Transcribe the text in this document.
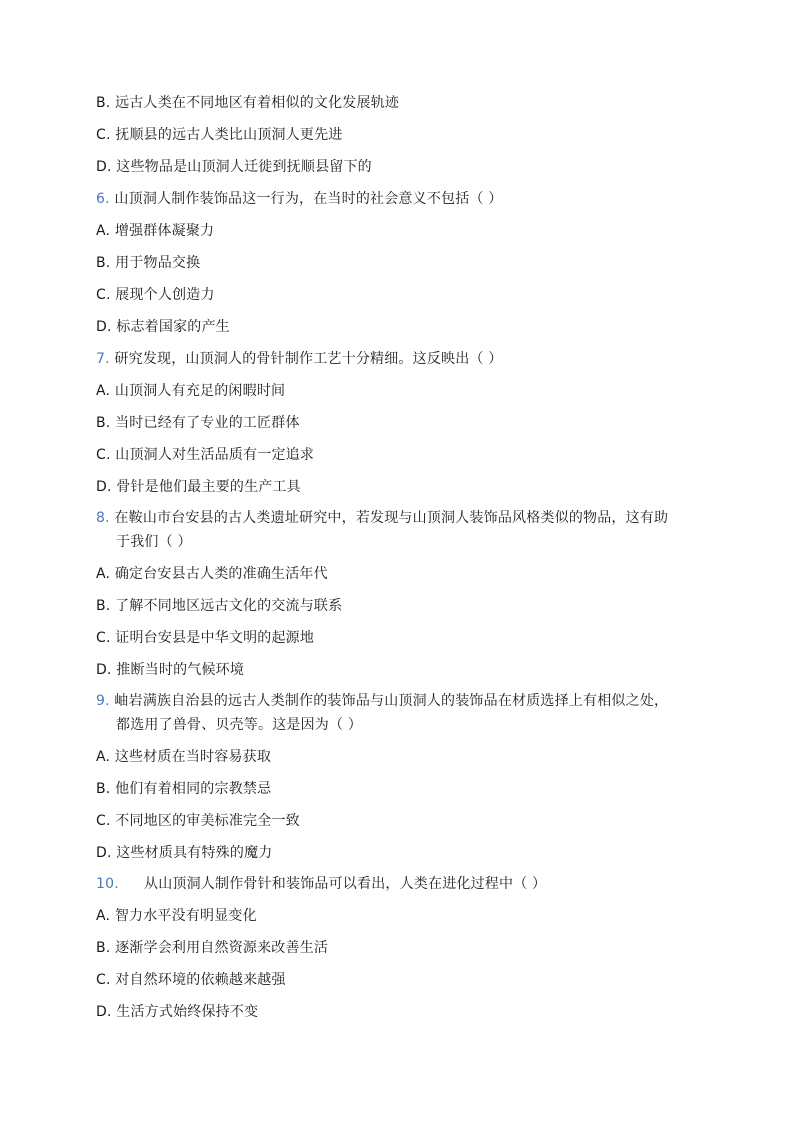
B. 远古人类在不同地区有着相似的文化发展轨迹
C. 抚顺县的远古人类比山顶洞人更先进
D. 这些物品是山顶洞人迁徙到抚顺县留下的
6. 山顶洞人制作装饰品这一行为，在当时的社会意义不包括（ ）
A. 增强群体凝聚力
B. 用于物品交换
C. 展现个人创造力
D. 标志着国家的产生
7. 研究发现，山顶洞人的骨针制作工艺十分精细。这反映出（ ）
A. 山顶洞人有充足的闲暇时间
B. 当时已经有了专业的工匠群体
C. 山顶洞人对生活品质有一定追求
D. 骨针是他们最主要的生产工具
8. 在鞍山市台安县的古人类遗址研究中，若发现与山顶洞人装饰品风格类似的物品，这有助
于我们（ ）
A. 确定台安县古人类的准确生活年代
B. 了解不同地区远古文化的交流与联系
C. 证明台安县是中华文明的起源地
D. 推断当时的气候环境
9. 岫岩满族自治县的远古人类制作的装饰品与山顶洞人的装饰品在材质选择上有相似之处，
都选用了兽骨、贝壳等。这是因为（ ）
A. 这些材质在当时容易获取
B. 他们有着相同的宗教禁忌
C. 不同地区的审美标准完全一致
D. 这些材质具有特殊的魔力
10. 从山顶洞人制作骨针和装饰品可以看出，人类在进化过程中（ ）
A. 智力水平没有明显变化
B. 逐渐学会利用自然资源来改善生活
C. 对自然环境的依赖越来越强
D. 生活方式始终保持不变
